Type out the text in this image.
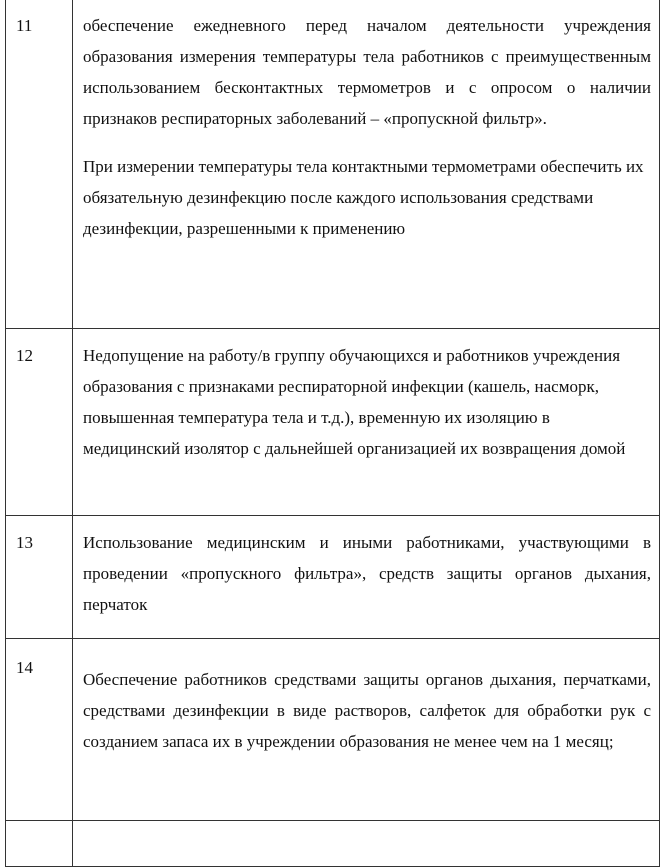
11	обеспечение ежедневного перед началом деятельности учреждения образования измерения температуры тела работников с преимущественным использованием бесконтактных термометров и с опросом о наличии признаков респираторных заболеваний – «пропускной фильтр».

При измерении температуры тела контактными термометрами обеспечить их обязательную дезинфекцию после каждого использования средствами дезинфекции, разрешенными к применению

12	Недопущение на работу/в группу обучающихся и работников учреждения образования с признаками респираторной инфекции (кашель, насморк, повышенная температура тела и т.д.), временную их изоляцию в медицинский изолятор с дальнейшей организацией их возвращения домой

13	Использование медицинским и иными работниками, участвующими в проведении «пропускного фильтра», средств защиты органов дыхания, перчаток

14	Обеспечение работников средствами защиты органов дыхания, перчатками, средствами дезинфекции в виде растворов, салфеток для обработки рук с созданием запаса их в учреждении образования не менее чем на 1 месяц;
